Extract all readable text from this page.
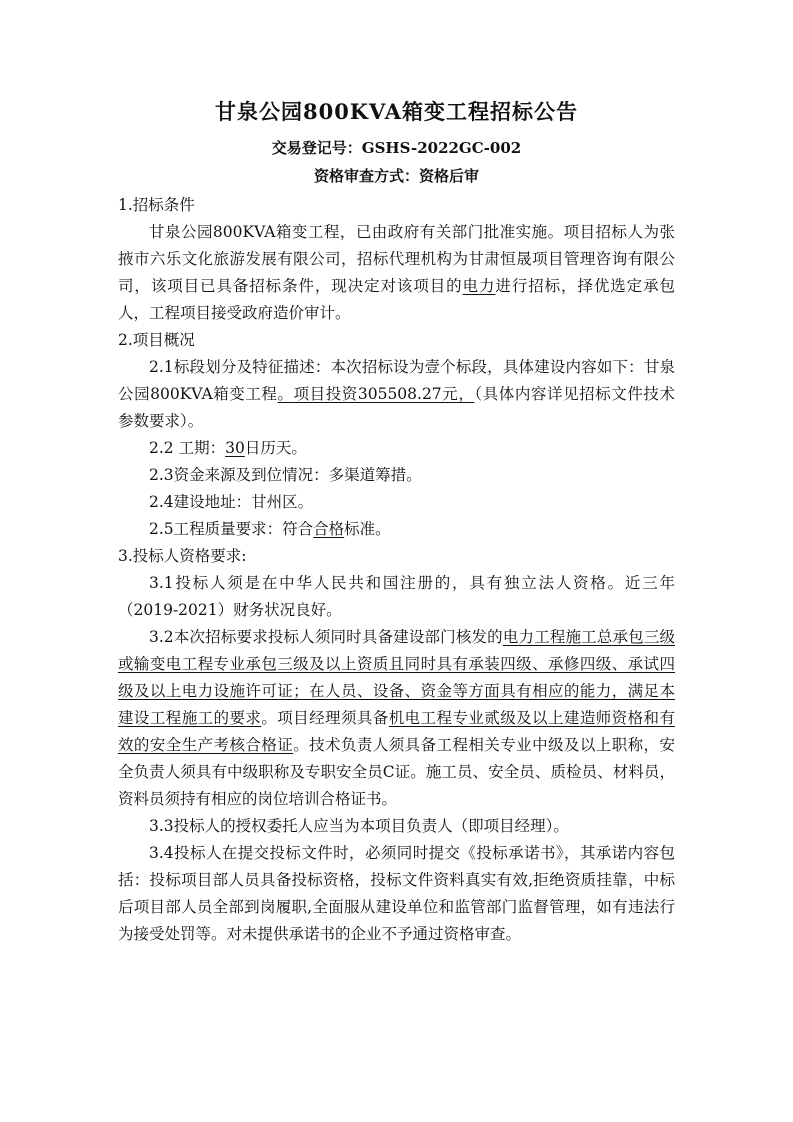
甘泉公园800KVA箱变工程招标公告

交易登记号：GSHS-2022GC-002

资格审查方式：资格后审

1.招标条件

甘泉公园800KVA箱变工程，已由政府有关部门批准实施。项目招标人为张掖市六乐文化旅游发展有限公司，招标代理机构为甘肃恒晟项目管理咨询有限公司，该项目已具备招标条件，现决定对该项目的电力进行招标，择优选定承包人，工程项目接受政府造价审计。

2.项目概况

2.1标段划分及特征描述：本次招标设为壹个标段，具体建设内容如下：甘泉公园800KVA箱变工程。项目投资305508.27元，（具体内容详见招标文件技术参数要求）。

2.2 工期：30日历天。

2.3资金来源及到位情况：多渠道筹措。

2.4建设地址：甘州区。

2.5工程质量要求：符合合格标准。

3.投标人资格要求:

3.1投标人须是在中华人民共和国注册的，具有独立法人资格。近三年（2019-2021）财务状况良好。

3.2本次招标要求投标人须同时具备建设部门核发的电力工程施工总承包三级或输变电工程专业承包三级及以上资质且同时具有承装四级、承修四级、承试四级及以上电力设施许可证；在人员、设备、资金等方面具有相应的能力，满足本建设工程施工的要求。项目经理须具备机电工程专业贰级及以上建造师资格和有效的安全生产考核合格证。技术负责人须具备工程相关专业中级及以上职称，安全负责人须具有中级职称及专职安全员C证。施工员、安全员、质检员、材料员，资料员须持有相应的岗位培训合格证书。

3.3投标人的授权委托人应当为本项目负责人（即项目经理）。

3.4投标人在提交投标文件时，必须同时提交《投标承诺书》，其承诺内容包括：投标项目部人员具备投标资格，投标文件资料真实有效,拒绝资质挂靠，中标后项目部人员全部到岗履职,全面服从建设单位和监管部门监督管理，如有违法行为接受处罚等。对未提供承诺书的企业不予通过资格审查。
